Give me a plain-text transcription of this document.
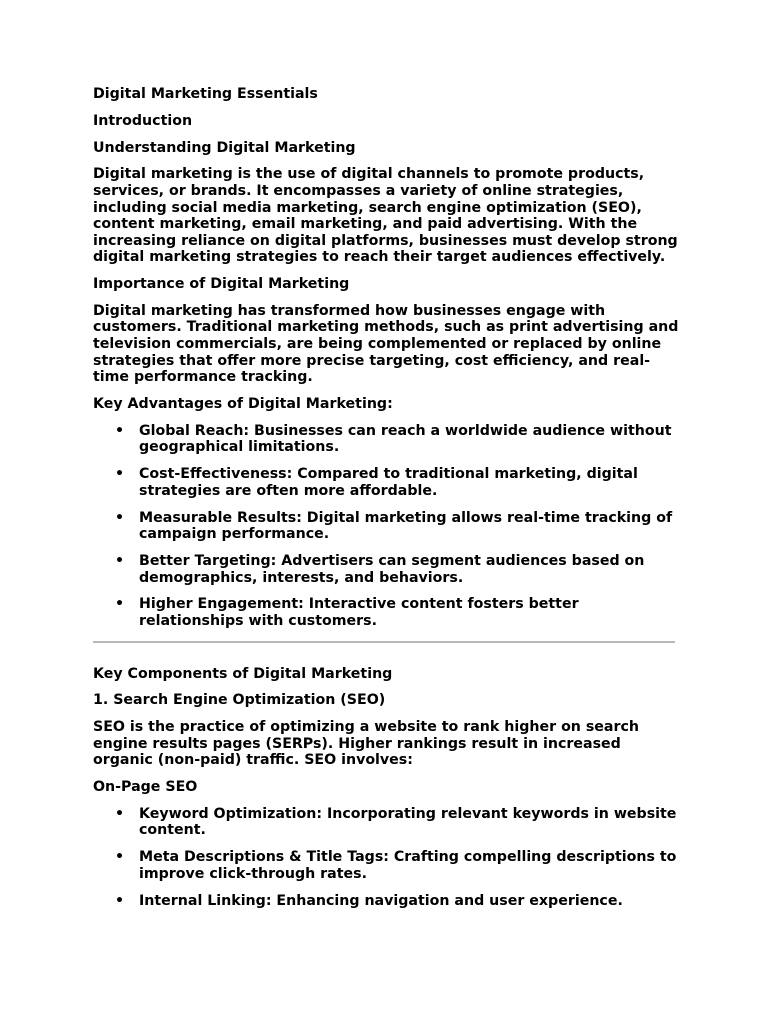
Digital Marketing Essentials

Introduction

Understanding Digital Marketing

Digital marketing is the use of digital channels to promote products, services, or brands. It encompasses a variety of online strategies, including social media marketing, search engine optimization (SEO), content marketing, email marketing, and paid advertising. With the increasing reliance on digital platforms, businesses must develop strong digital marketing strategies to reach their target audiences effectively.

Importance of Digital Marketing

Digital marketing has transformed how businesses engage with customers. Traditional marketing methods, such as print advertising and television commercials, are being complemented or replaced by online strategies that offer more precise targeting, cost efficiency, and real-time performance tracking.

Key Advantages of Digital Marketing:

• Global Reach: Businesses can reach a worldwide audience without geographical limitations.
• Cost-Effectiveness: Compared to traditional marketing, digital strategies are often more affordable.
• Measurable Results: Digital marketing allows real-time tracking of campaign performance.
• Better Targeting: Advertisers can segment audiences based on demographics, interests, and behaviors.
• Higher Engagement: Interactive content fosters better relationships with customers.

Key Components of Digital Marketing

1. Search Engine Optimization (SEO)

SEO is the practice of optimizing a website to rank higher on search engine results pages (SERPs). Higher rankings result in increased organic (non-paid) traffic. SEO involves:

On-Page SEO

• Keyword Optimization: Incorporating relevant keywords in website content.
• Meta Descriptions & Title Tags: Crafting compelling descriptions to improve click-through rates.
• Internal Linking: Enhancing navigation and user experience.
